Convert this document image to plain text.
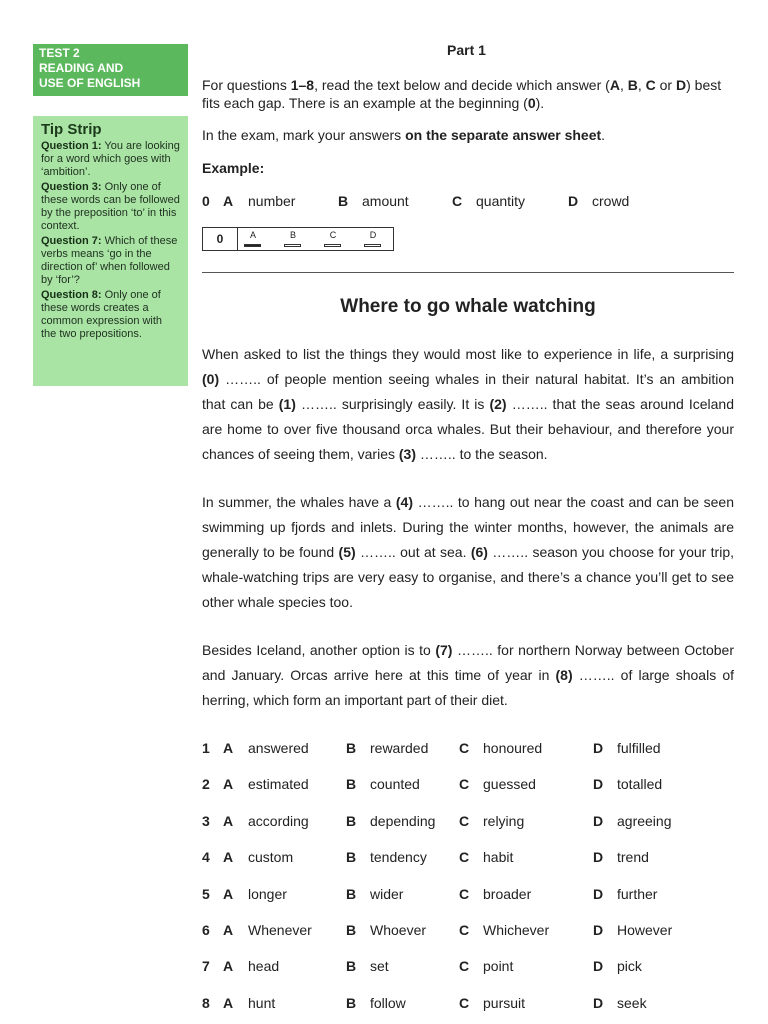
TEST 2
READING AND
USE OF ENGLISH
Tip Strip
Question 1: You are looking for a word which goes with ‘ambition’.
Question 3: Only one of these words can be followed by the preposition ‘to’ in this context.
Question 7: Which of these verbs means ‘go in the direction of’ when followed by ‘for’?
Question 8: Only one of these words creates a common expression with the two prepositions.
Part 1
For questions 1–8, read the text below and decide which answer (A, B, C or D) best fits each gap. There is an example at the beginning (0).
In the exam, mark your answers on the separate answer sheet.
Example:
0 A number	B amount	C quantity	D crowd
0	A	B	C	D
Where to go whale watching
When asked to list the things they would most like to experience in life, a surprising (0) …….. of people mention seeing whales in their natural habitat. It’s an ambition that can be (1) …….. surprisingly easily. It is (2) …….. that the seas around Iceland are home to over five thousand orca whales. But their behaviour, and therefore your chances of seeing them, varies (3) …….. to the season.
In summer, the whales have a (4) …….. to hang out near the coast and can be seen swimming up fjords and inlets. During the winter months, however, the animals are generally to be found (5) …….. out at sea. (6) …….. season you choose for your trip, whale-watching trips are very easy to organise, and there’s a chance you’ll get to see other whale species too.
Besides Iceland, another option is to (7) …….. for northern Norway between October and January. Orcas arrive here at this time of year in (8) …….. of large shoals of herring, which form an important part of their diet.
1 A answered	B rewarded C honoured	D fulfilled
2 A estimated	B counted	C guessed	D totalled
3 A according	B depending C relying	D agreeing
4 A custom	B tendency C habit	D trend
5 A longer	B wider	C broader	D further
6 A Whenever B Whoever C Whichever	D However
7 A head	B set	C point	D pick
8 A hunt	B follow	C pursuit	D seek
